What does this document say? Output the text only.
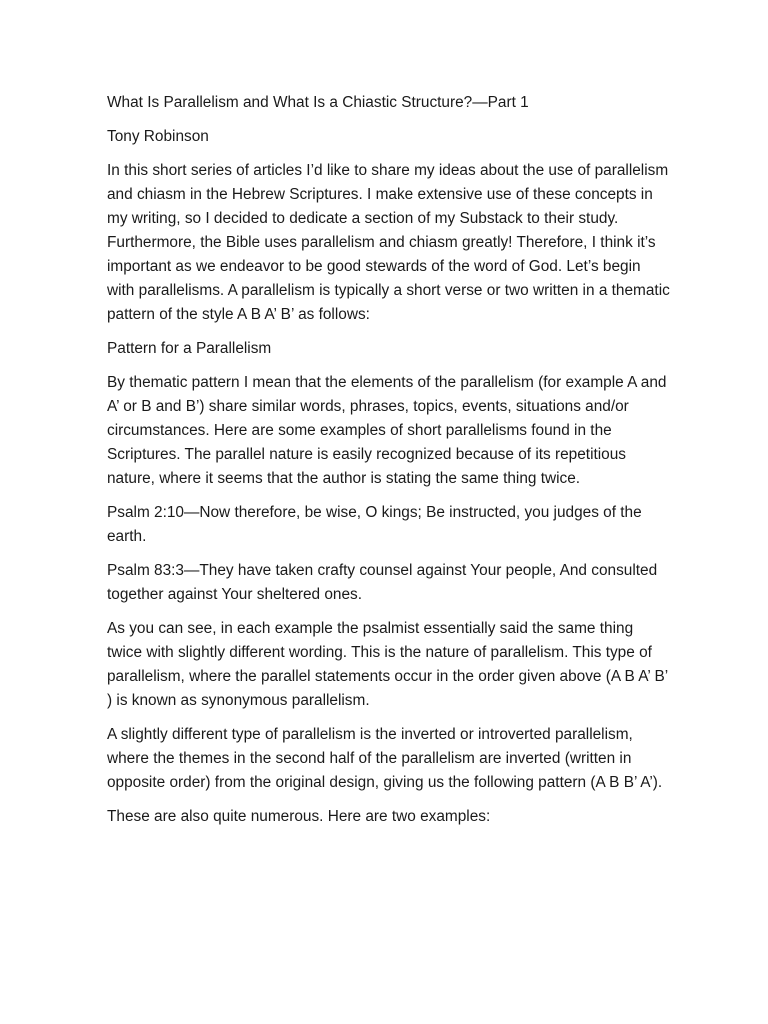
What Is Parallelism and What Is a Chiastic Structure?—Part 1

Tony Robinson

In this short series of articles I’d like to share my ideas about the use of parallelism and chiasm in the Hebrew Scriptures. I make extensive use of these concepts in my writing, so I decided to dedicate a section of my Substack to their study. Furthermore, the Bible uses parallelism and chiasm greatly! Therefore, I think it’s important as we endeavor to be good stewards of the word of God. Let’s begin with parallelisms. A parallelism is typically a short verse or two written in a thematic pattern of the style A B A’ B’ as follows:

Pattern for a Parallelism

By thematic pattern I mean that the elements of the parallelism (for example A and A’ or B and B’) share similar words, phrases, topics, events, situations and/or circumstances. Here are some examples of short parallelisms found in the Scriptures. The parallel nature is easily recognized because of its repetitious nature, where it seems that the author is stating the same thing twice.

Psalm 2:10—Now therefore, be wise, O kings; Be instructed, you judges of the earth.

Psalm 83:3—They have taken crafty counsel against Your people, And consulted together against Your sheltered ones.

As you can see, in each example the psalmist essentially said the same thing twice with slightly different wording. This is the nature of parallelism. This type of parallelism, where the parallel statements occur in the order given above (A B A’ B’ ) is known as synonymous parallelism.

A slightly different type of parallelism is the inverted or introverted parallelism, where the themes in the second half of the parallelism are inverted (written in opposite order) from the original design, giving us the following pattern (A B B’ A’).

These are also quite numerous. Here are two examples:
